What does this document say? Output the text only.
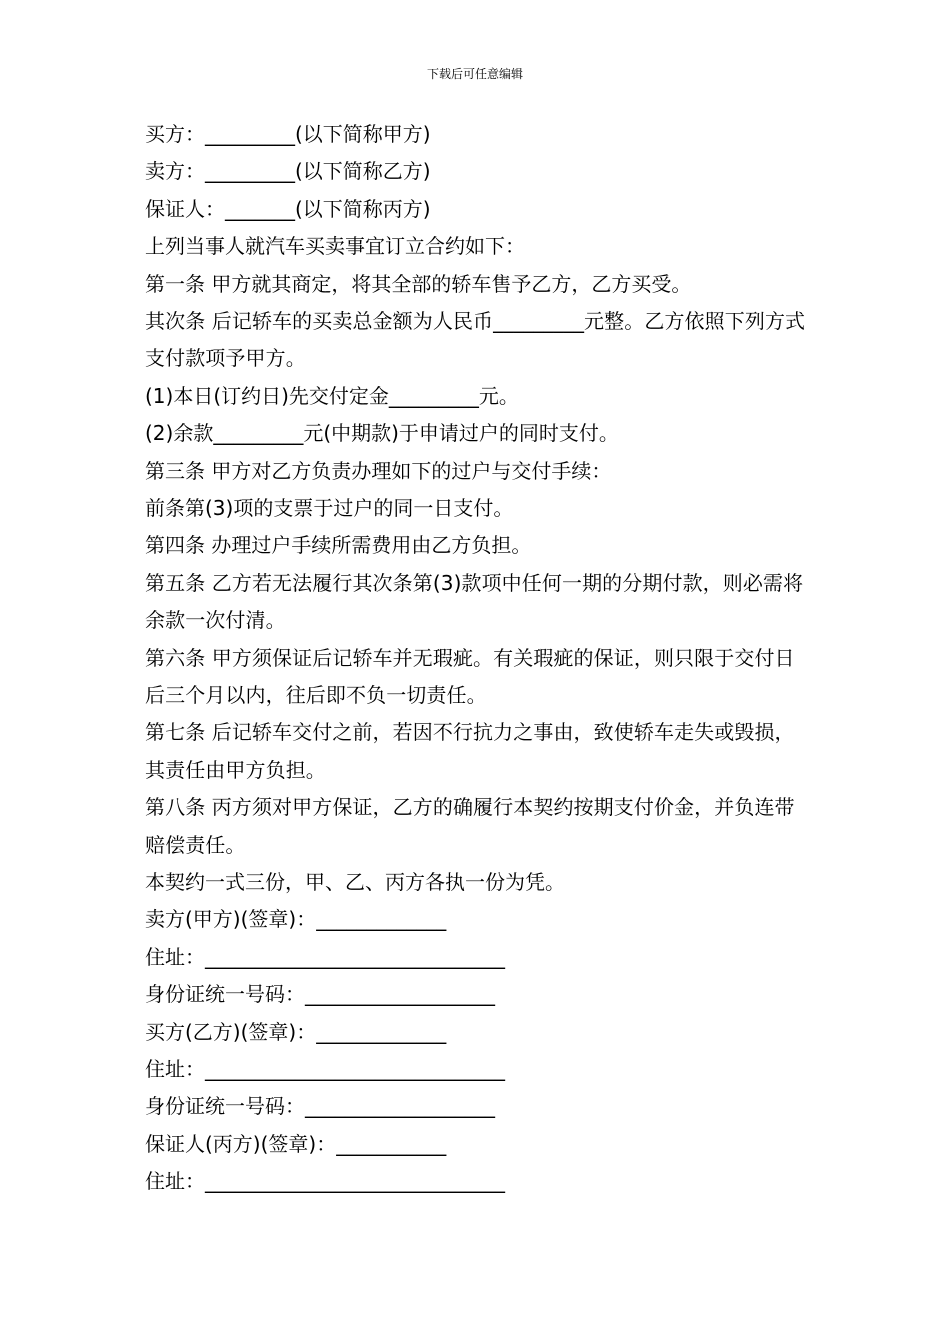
下载后可任意编辑
买方：_________(以下简称甲方)
卖方：_________(以下简称乙方)
保证人：_______(以下简称丙方)
上列当事人就汽车买卖事宜订立合约如下：
第一条 甲方就其商定，将其全部的轿车售予乙方，乙方买受。
其次条 后记轿车的买卖总金额为人民币_________元整。乙方依照下列方式支付款项予甲方。
(1)本日(订约日)先交付定金_________元。
(2)余款_________元(中期款)于申请过户的同时支付。
第三条 甲方对乙方负责办理如下的过户与交付手续：
前条第(3)项的支票于过户的同一日支付。
第四条 办理过户手续所需费用由乙方负担。
第五条 乙方若无法履行其次条第(3)款项中任何一期的分期付款，则必需将余款一次付清。
第六条 甲方须保证后记轿车并无瑕疵。有关瑕疵的保证，则只限于交付日后三个月以内，往后即不负一切责任。
第七条 后记轿车交付之前，若因不行抗力之事由，致使轿车走失或毁损，其责任由甲方负担。
第八条 丙方须对甲方保证，乙方的确履行本契约按期支付价金，并负连带赔偿责任。
本契约一式三份，甲、乙、丙方各执一份为凭。
卖方(甲方)(签章)：_____________
住址：______________________________
身份证统一号码：___________________
买方(乙方)(签章)：_____________
住址：______________________________
身份证统一号码：___________________
保证人(丙方)(签章)：___________
住址：______________________________
